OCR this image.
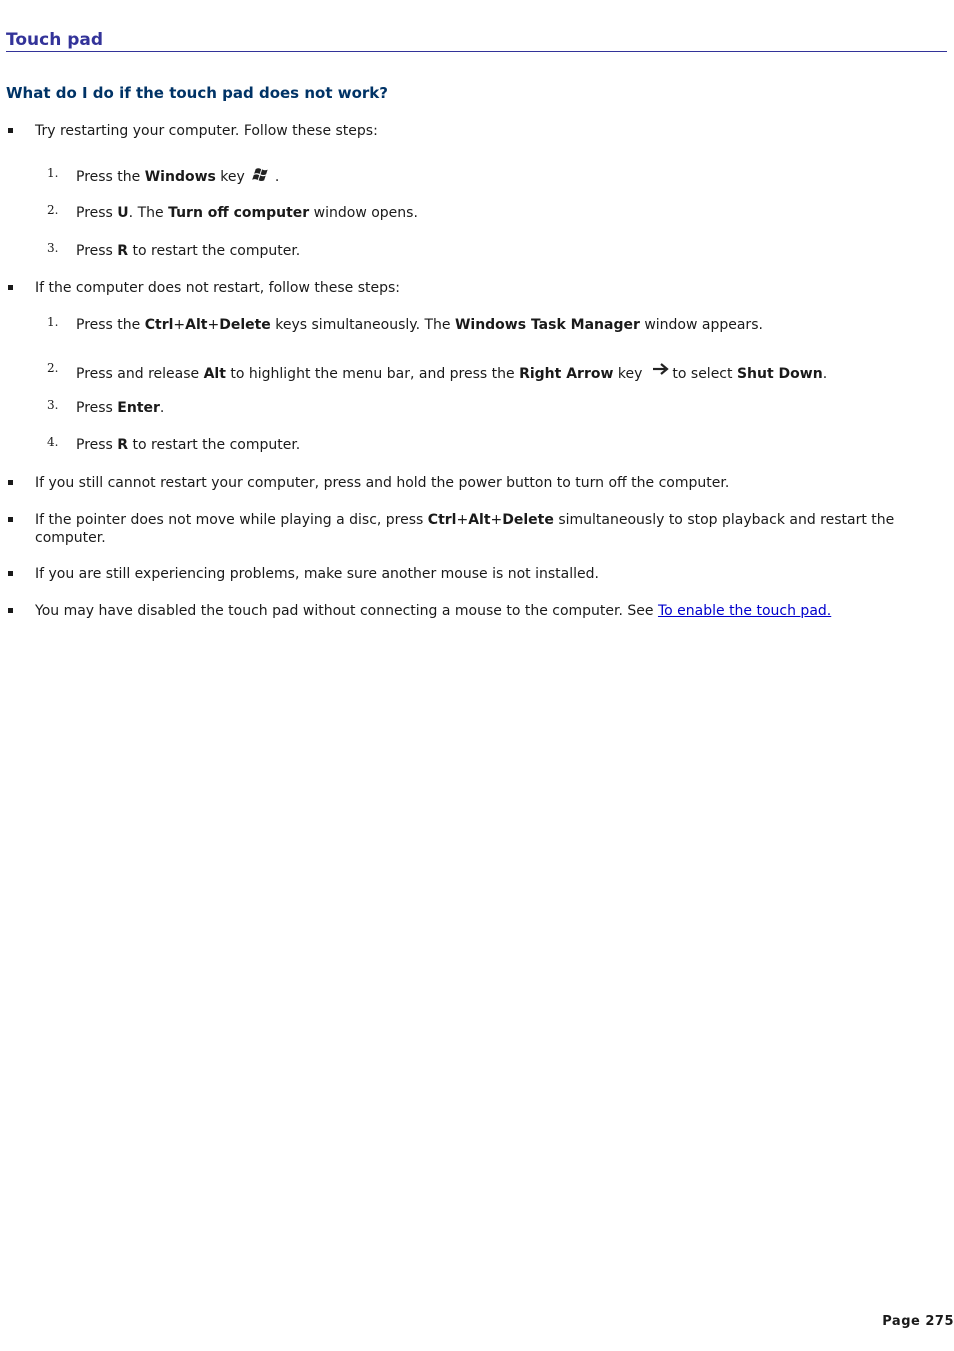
Touch pad
What do I do if the touch pad does not work?
Try restarting your computer. Follow these steps:
1. Press the Windows key .
2. Press U. The Turn off computer window opens.
3. Press R to restart the computer.
If the computer does not restart, follow these steps:
1. Press the Ctrl+Alt+Delete keys simultaneously. The Windows Task Manager window appears.
2. Press and release Alt to highlight the menu bar, and press the Right Arrow key to select Shut Down.
3. Press Enter.
4. Press R to restart the computer.
If you still cannot restart your computer, press and hold the power button to turn off the computer.
If the pointer does not move while playing a disc, press Ctrl+Alt+Delete simultaneously to stop playback and restart the computer.
If you are still experiencing problems, make sure another mouse is not installed.
You may have disabled the touch pad without connecting a mouse to the computer. See To enable the touch pad.
Page 275
